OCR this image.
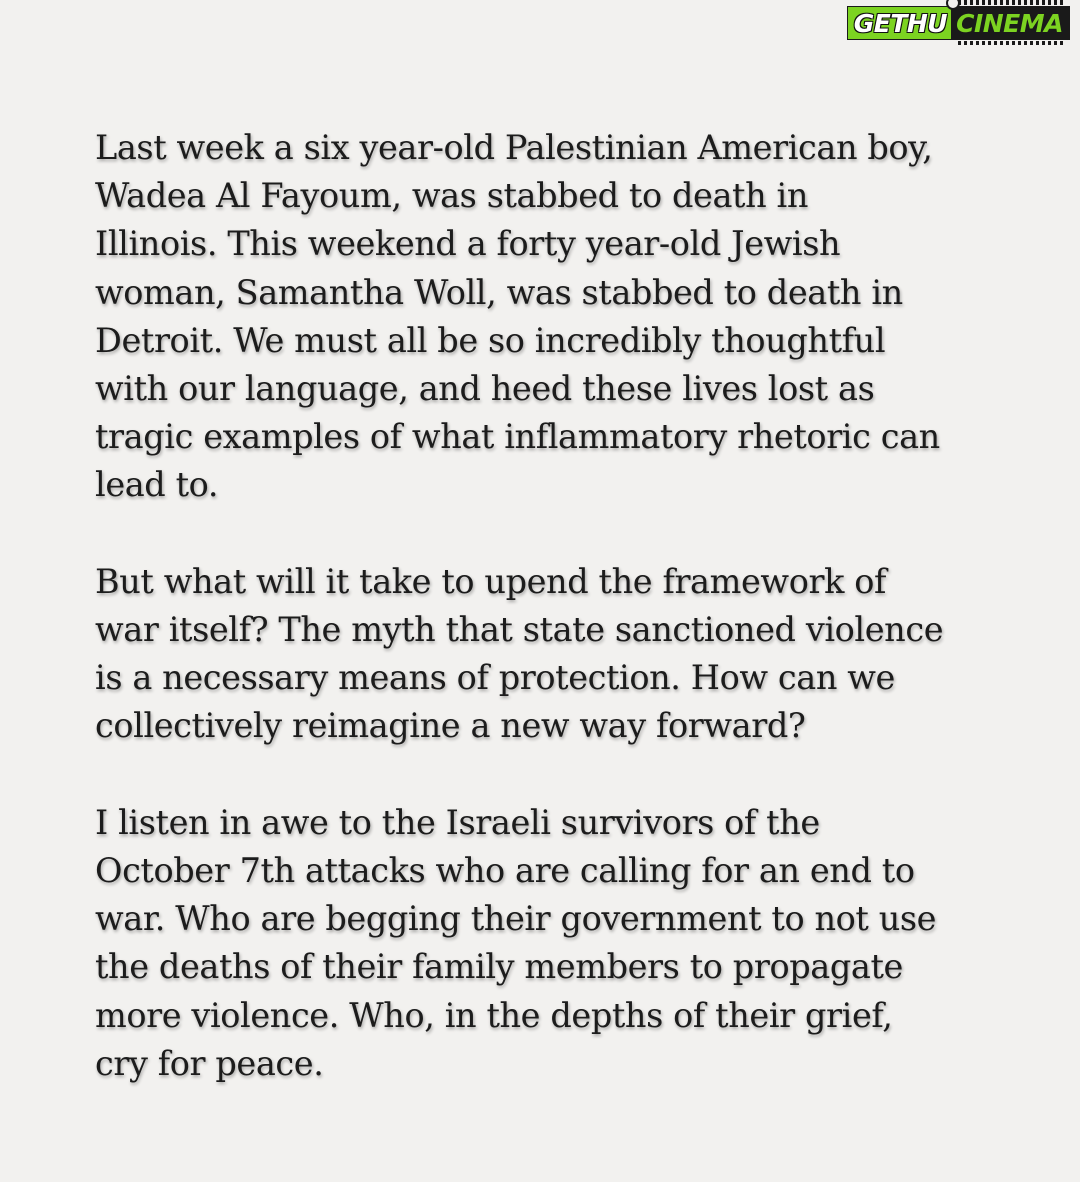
GETHU CINEMA

Last week a six year-old Palestinian American boy,
Wadea Al Fayoum, was stabbed to death in
Illinois. This weekend a forty year-old Jewish
woman, Samantha Woll, was stabbed to death in
Detroit. We must all be so incredibly thoughtful
with our language, and heed these lives lost as
tragic examples of what inflammatory rhetoric can
lead to.

But what will it take to upend the framework of
war itself? The myth that state sanctioned violence
is a necessary means of protection. How can we
collectively reimagine a new way forward?

I listen in awe to the Israeli survivors of the
October 7th attacks who are calling for an end to
war. Who are begging their government to not use
the deaths of their family members to propagate
more violence. Who, in the depths of their grief,
cry for peace.
